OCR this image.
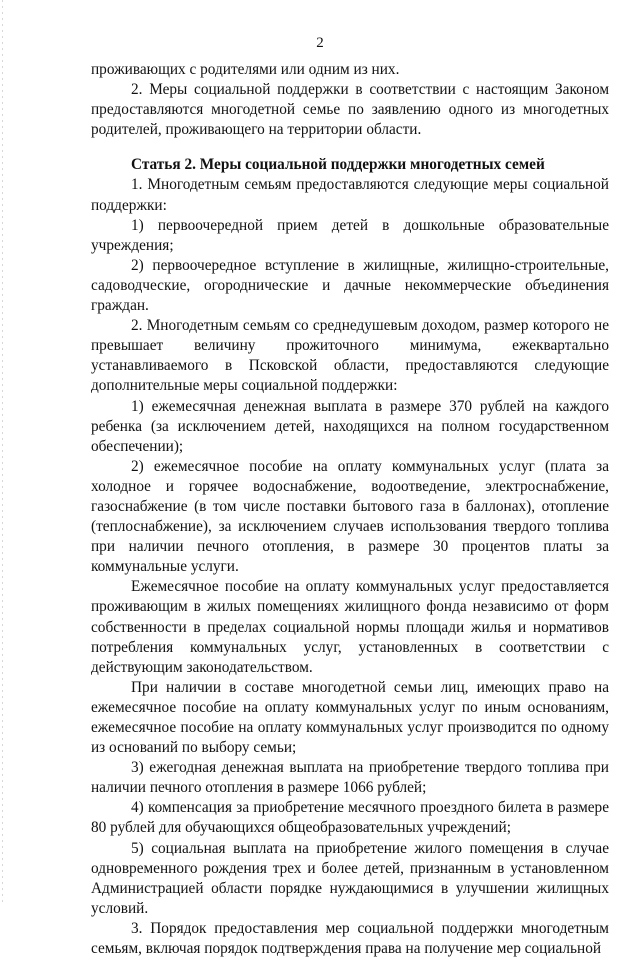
2

проживающих с родителями или одним из них.

2. Меры социальной поддержки в соответствии с настоящим Законом предоставляются многодетной семье по заявлению одного из многодетных родителей, проживающего на территории области.

Статья 2. Меры социальной поддержки многодетных семей

1. Многодетным семьям предоставляются следующие меры социальной поддержки:

1) первоочередной прием детей в дошкольные образовательные учреждения;

2) первоочередное вступление в жилищные, жилищно-строительные, садоводческие, огороднические и дачные некоммерческие объединения граждан.

2. Многодетным семьям со среднедушевым доходом, размер которого не превышает величину прожиточного минимума, ежеквартально устанавливаемого в Псковской области, предоставляются следующие дополнительные меры социальной поддержки:

1) ежемесячная денежная выплата в размере 370 рублей на каждого ребенка (за исключением детей, находящихся на полном государственном обеспечении);

2) ежемесячное пособие на оплату коммунальных услуг (плата за холодное и горячее водоснабжение, водоотведение, электроснабжение, газоснабжение (в том числе поставки бытового газа в баллонах), отопление (теплоснабжение), за исключением случаев использования твердого топлива при наличии печного отопления, в размере 30 процентов платы за коммунальные услуги.

Ежемесячное пособие на оплату коммунальных услуг предоставляется проживающим в жилых помещениях жилищного фонда независимо от форм собственности в пределах социальной нормы площади жилья и нормативов потребления коммунальных услуг, установленных в соответствии с действующим законодательством.

При наличии в составе многодетной семьи лиц, имеющих право на ежемесячное пособие на оплату коммунальных услуг по иным основаниям, ежемесячное пособие на оплату коммунальных услуг производится по одному из оснований по выбору семьи;

3) ежегодная денежная выплата на приобретение твердого топлива при наличии печного отопления в размере 1066 рублей;

4) компенсация за приобретение месячного проездного билета в размере 80 рублей для обучающихся общеобразовательных учреждений;

5) социальная выплата на приобретение жилого помещения в случае одновременного рождения трех и более детей, признанным в установленном Администрацией области порядке нуждающимися в улучшении жилищных условий.

3. Порядок предоставления мер социальной поддержки многодетным семьям, включая порядок подтверждения права на получение мер социальной
